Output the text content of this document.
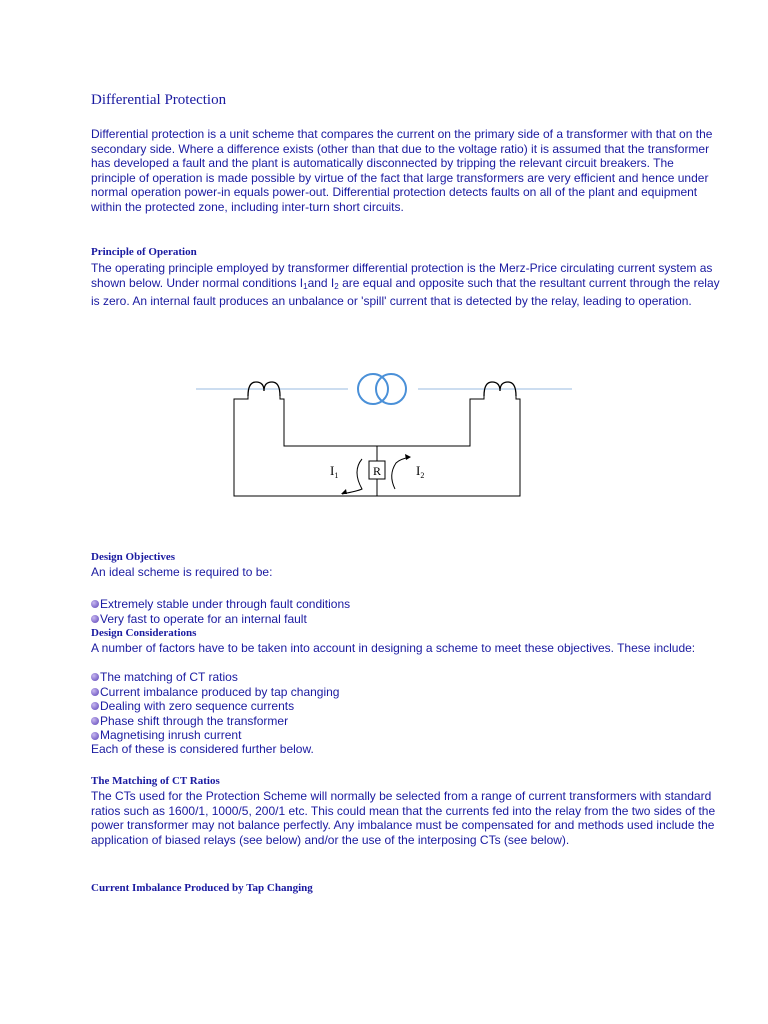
Differential Protection

Differential protection is a unit scheme that compares the current on the primary side of a transformer with that on the secondary side. Where a difference exists (other than that due to the voltage ratio) it is assumed that the transformer has developed a fault and the plant is automatically disconnected by tripping the relevant circuit breakers. The principle of operation is made possible by virtue of the fact that large transformers are very efficient and hence under normal operation power-in equals power-out. Differential protection detects faults on all of the plant and equipment within the protected zone, including inter-turn short circuits.

Principle of Operation

The operating principle employed by transformer differential protection is the Merz-Price circulating current system as shown below. Under normal conditions $I_1and$ $I_2$ are equal and opposite such that the resultant current through the relay is zero. An internal fault produces an unbalance or 'spill' current that is detected by the relay, leading to operation.

R
$I_1$	$I_2$
Design Objectives

An ideal scheme is required to be:

Extremely stable under through fault conditions
Very fast to operate for an internal fault
Design Considerations

A number of factors have to be taken into account in designing a scheme to meet these objectives. These include:

The matching of CT ratios
Current imbalance produced by tap changing
Dealing with zero sequence currents
Phase shift through the transformer
Magnetising inrush current

Each of these is considered further below.

The Matching of CT Ratios

The CTs used for the Protection Scheme will normally be selected from a range of current transformers with standard ratios such as 1600/1, 1000/5, 200/1 etc. This could mean that the currents fed into the relay from the two sides of the power transformer may not balance perfectly. Any imbalance must be compensated for and methods used include the application of biased relays (see below) and/or the use of the interposing CTs (see below).

Current Imbalance Produced by Tap Changing
